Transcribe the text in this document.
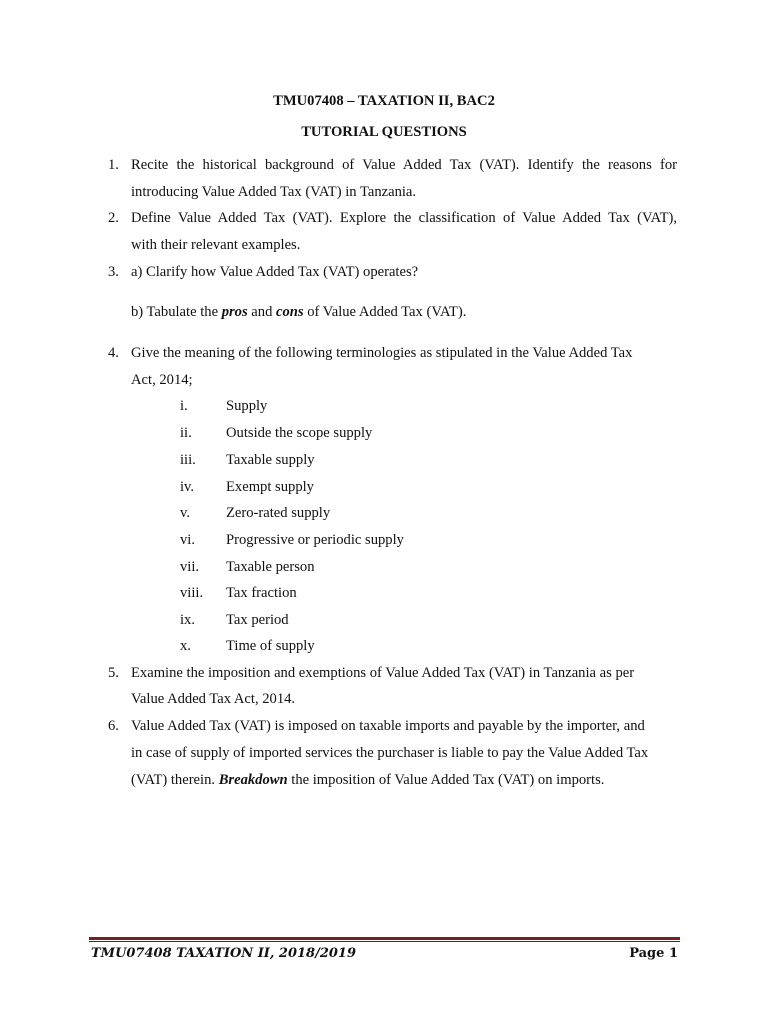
TMU07408 – TAXATION II, BAC2
TUTORIAL QUESTIONS
1. Recite the historical background of Value Added Tax (VAT). Identify the reasons for
introducing Value Added Tax (VAT) in Tanzania.
2. Define Value Added Tax (VAT). Explore the classification of Value Added Tax (VAT),
with their relevant examples.
3. a) Clarify how Value Added Tax (VAT) operates?
b) Tabulate the pros and cons of Value Added Tax (VAT).
4. Give the meaning of the following terminologies as stipulated in the Value Added Tax
Act, 2014;
i.	Supply
ii. Outside the scope supply
iii. Taxable supply
iv. Exempt supply
v. Zero-rated supply
vi. Progressive or periodic supply
vii. Taxable person
viii. Tax fraction
ix. Tax period
x. Time of supply
5. Examine the imposition and exemptions of Value Added Tax (VAT) in Tanzania as per
Value Added Tax Act, 2014.
6. Value Added Tax (VAT) is imposed on taxable imports and payable by the importer, and
in case of supply of imported services the purchaser is liable to pay the Value Added Tax
(VAT) therein. Breakdown the imposition of Value Added Tax (VAT) on imports.
TMU07408 TAXATION II, 2018/2019	Page 1
